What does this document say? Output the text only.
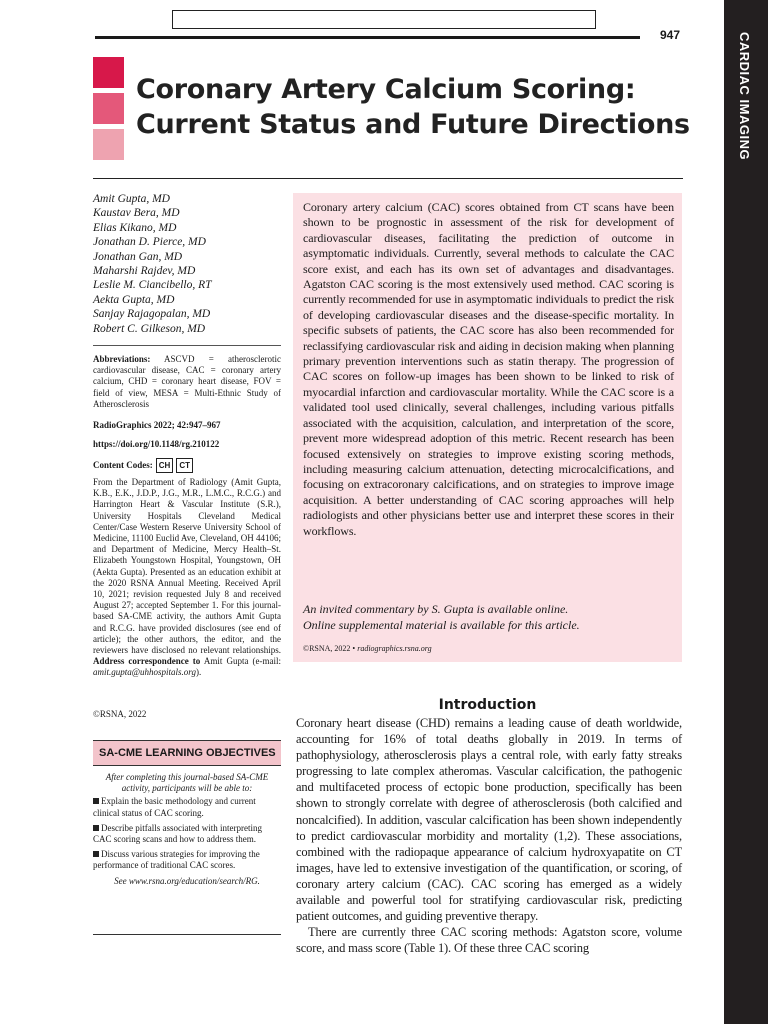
947	CARDIAC IMAGING
Coronary Artery Calcium Scoring:
Current Status and Future Directions
Amit Gupta, MD
Kaustav Bera, MD
Elias Kikano, MD
Jonathan D. Pierce, MD
Jonathan Gan, MD
Maharshi Rajdev, MD
Leslie M. Ciancibello, RT
Aekta Gupta, MD
Sanjay Rajagopalan, MD
Robert C. Gilkeson, MD
Abbreviations: ASCVD = atherosclerotic cardiovascular disease, CAC = coronary artery calcium, CHD = coronary heart disease, FOV = field of view, MESA = Multi-Ethnic Study of Atherosclerosis
RadioGraphics 2022; 42:947–967
https://doi.org/10.1148/rg.210122
Content Codes: CH	CT
From the Department of Radiology (Amit Gupta, K.B., E.K., J.D.P., J.G., M.R., L.M.C., R.C.G.) and Harrington Heart & Vascular Institute (S.R.), University Hospitals Cleveland Medical Center/Case Western Reserve University School of Medicine, 11100 Euclid Ave, Cleveland, OH 44106; and Department of Medicine, Mercy Health–St. Elizabeth Youngstown Hospital, Youngstown, OH (Aekta Gupta). Presented as an education exhibit at the 2020 RSNA Annual Meeting. Received April 10, 2021; revision requested July 8 and received August 27; accepted September 1. For this journal-based SA-CME activity, the authors Amit Gupta and R.C.G. have provided disclosures (see end of article); the other authors, the editor, and the reviewers have disclosed no relevant relationships. Address correspondence to Amit Gupta (e-mail: amit.gupta@uhhospitals.org).
©RSNA, 2022
SA-CME LEARNING OBJECTIVES
After completing this journal-based SA-CME activity, participants will be able to:
Explain the basic methodology and current clinical status of CAC scoring.
Describe pitfalls associated with interpreting CAC scoring scans and how to address them.
Discuss various strategies for improving the performance of traditional CAC scores.
See www.rsna.org/education/search/RG.
Coronary artery calcium (CAC) scores obtained from CT scans have been shown to be prognostic in assessment of the risk for development of cardiovascular diseases, facilitating the prediction of outcome in asymptomatic individuals. Currently, several methods to calculate the CAC score exist, and each has its own set of advantages and disadvantages. Agatston CAC scoring is the most extensively used method. CAC scoring is currently recommended for use in asymptomatic individuals to predict the risk of developing cardiovascular diseases and the disease-specific mortality. In specific subsets of patients, the CAC score has also been recommended for reclassifying cardiovascular risk and aiding in decision making when planning primary prevention interventions such as statin therapy. The progression of CAC scores on follow-up images has been shown to be linked to risk of myocardial infarction and cardiovascular mortality. While the CAC score is a validated tool used clinically, several challenges, including various pitfalls associated with the acquisition, calculation, and interpretation of the score, prevent more widespread adoption of this metric. Recent research has been focused extensively on strategies to improve existing scoring methods, including measuring calcium attenuation, detecting microcalcifications, and focusing on extracoronary calcifications, and on strategies to improve image acquisition. A better understanding of CAC scoring approaches will help radiologists and other physicians better use and interpret these scores in their workflows.
An invited commentary by S. Gupta is available online.
Online supplemental material is available for this article.
©RSNA, 2022 • radiographics.rsna.org
Introduction

Coronary heart disease (CHD) remains a leading cause of death worldwide, accounting for 16% of total deaths globally in 2019. In terms of pathophysiology, atherosclerosis plays a central role, with early fatty streaks progressing to late complex atheromas. Vascular calcification, the pathogenic and multifaceted process of ectopic bone production, specifically has been shown to strongly correlate with degree of atherosclerosis (both calcified and noncalcified). In addition, vascular calcification has been shown independently to predict cardiovascular morbidity and mortality (1,2). These associations, combined with the radiopaque appearance of calcium hydroxyapatite on CT images, have led to extensive investigation of the quantification, or scoring, of coronary artery calcium (CAC). CAC scoring has emerged as a widely available and powerful tool for stratifying cardiovascular risk, predicting patient outcomes, and guiding preventive therapy.

There are currently three CAC scoring methods: Agatston score, volume score, and mass score (Table 1). Of these three CAC scoring
